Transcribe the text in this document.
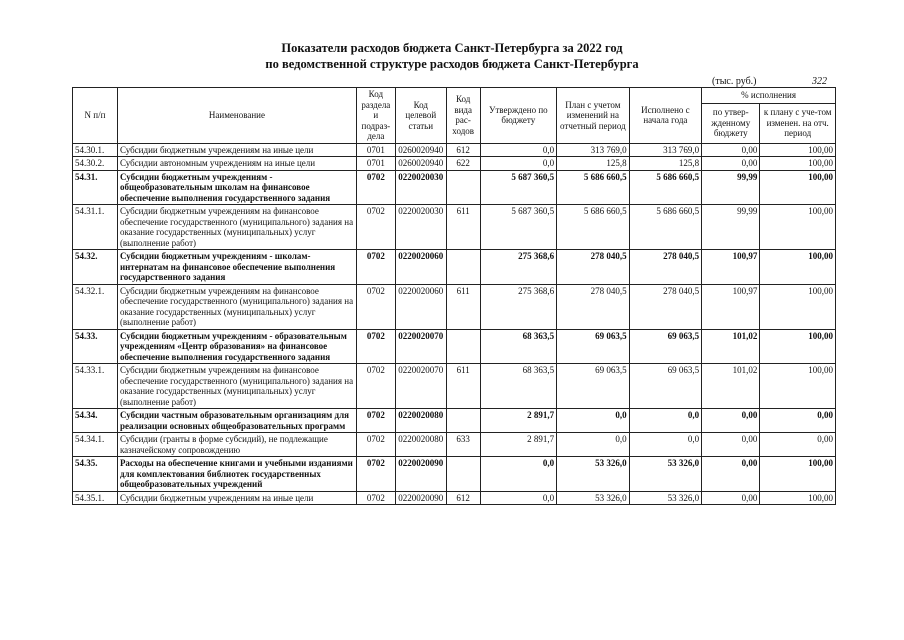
Показатели расходов бюджета Санкт-Петербурга за 2022 год
по ведомственной структуре расходов бюджета Санкт-Петербурга
(тыс. руб.)	322
N п/п	Наименование	Код раздела и подраз-дела	Код целевой статьи	Код вида рас-ходов	Утверждено по бюджету	План с учетом изменений на отчетный период	Исполнено с начала года	% исполнения	
								по утвер-жденному бюджету	к плану с уче-том изменен. на отч. период
54.30.1.	Субсидии бюджетным учреждениям на иные цели	0701	0260020940	612	0,0	313 769,0	313 769,0	0,00	100,00
54.30.2.	Субсидии автономным учреждениям на иные цели	0701	0260020940	622	0,0	125,8	125,8	0,00	100,00
54.31.	Субсидии бюджетным учреждениям - общеобразовательным школам на финансовое обеспечение выполнения государственного задания	0702	0220020030		5 687 360,5	5 686 660,5	5 686 660,5	99,99	100,00
54.31.1.	Субсидии бюджетным учреждениям на финансовое обеспечение государственного (муниципального) задания на оказание государственных (муниципальных) услуг (выполнение работ)	0702	0220020030	611	5 687 360,5	5 686 660,5	5 686 660,5	99,99	100,00
54.32.	Субсидии бюджетным учреждениям - школам-интернатам на финансовое обеспечение выполнения государственного задания	0702	0220020060		275 368,6	278 040,5	278 040,5	100,97	100,00
54.32.1.	Субсидии бюджетным учреждениям на финансовое обеспечение государственного (муниципального) задания на оказание государственных (муниципальных) услуг (выполнение работ)	0702	0220020060	611	275 368,6	278 040,5	278 040,5	100,97	100,00
54.33.	Субсидии бюджетным учреждениям - образовательным учреждениям «Центр образования» на финансовое обеспечение выполнения государственного задания	0702	0220020070		68 363,5	69 063,5	69 063,5	101,02	100,00
54.33.1.	Субсидии бюджетным учреждениям на финансовое обеспечение государственного (муниципального) задания на оказание государственных (муниципальных) услуг (выполнение работ)	0702	0220020070	611	68 363,5	69 063,5	69 063,5	101,02	100,00
54.34.	Субсидии частным образовательным организациям для реализации основных общеобразовательных программ	0702	0220020080		2 891,7	0,0	0,0	0,00	0,00
54.34.1.	Субсидии (гранты в форме субсидий), не подлежащие казначейскому сопровождению	0702	0220020080	633	2 891,7	0,0	0,0	0,00	0,00
54.35.	Расходы на обеспечение книгами и учебными изданиями для комплектования библиотек государственных общеобразовательных учреждений	0702	0220020090		0,0	53 326,0	53 326,0	0,00	100,00
54.35.1.	Субсидии бюджетным учреждениям на иные цели	0702	0220020090	612	0,0	53 326,0	53 326,0	0,00	100,00
